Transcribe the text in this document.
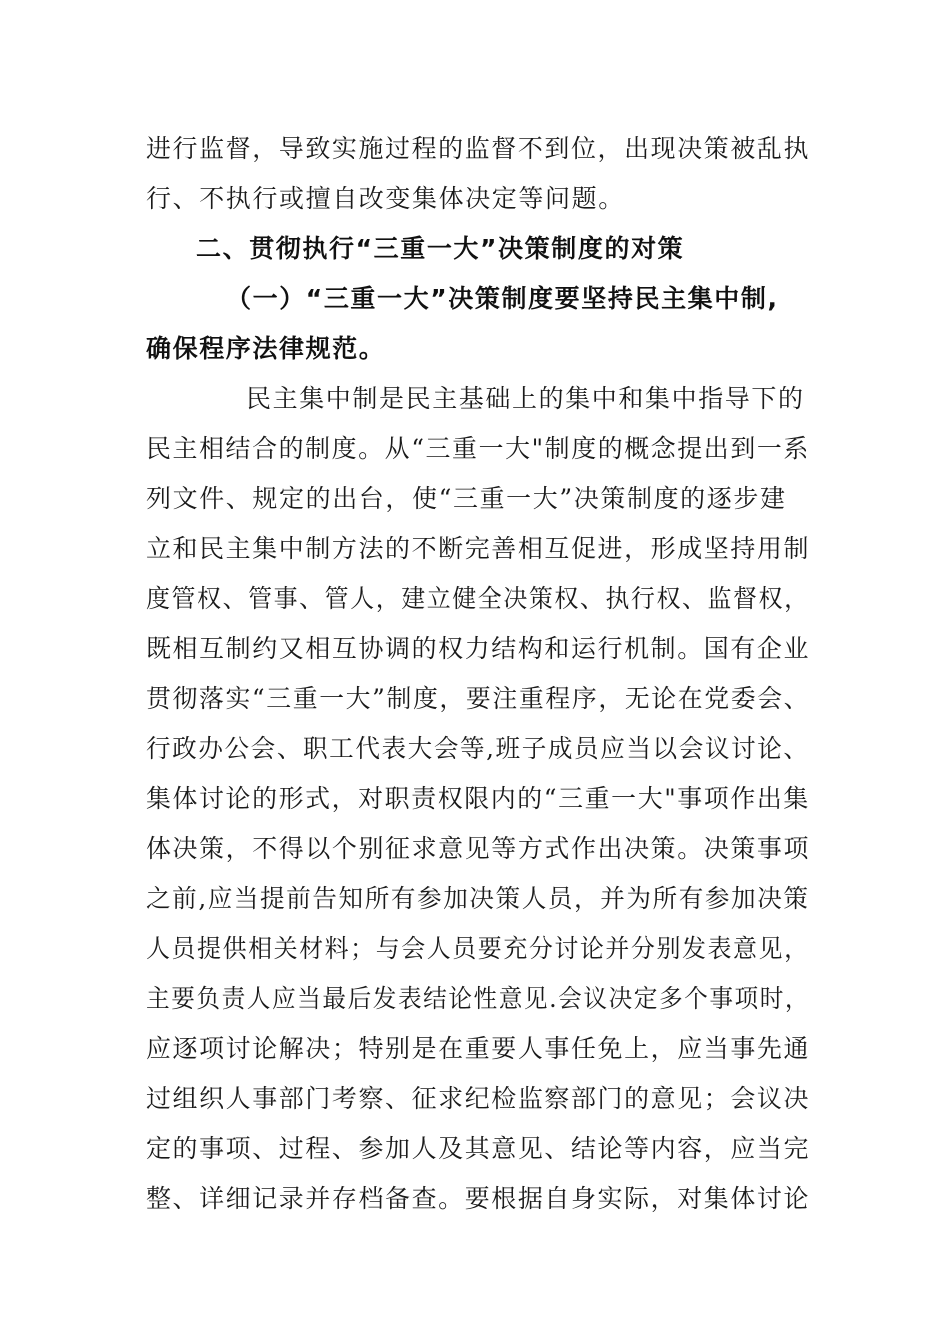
进行监督，导致实施过程的监督不到位，出现决策被乱执
行、不执行或擅自改变集体决定等问题。
二、贯彻执行“三重一大”决策制度的对策
（一）“三重一大”决策制度要坚持民主集中制,
确保程序法律规范。
民主集中制是民主基础上的集中和集中指导下的
民主相结合的制度。从“三重一大"制度的概念提出到一系
列文件、规定的出台，使“三重一大”决策制度的逐步建
立和民主集中制方法的不断完善相互促进，形成坚持用制
度管权、管事、管人，建立健全决策权、执行权、监督权，
既相互制约又相互协调的权力结构和运行机制。国有企业
贯彻落实“三重一大”制度，要注重程序，无论在党委会、
行政办公会、职工代表大会等,班子成员应当以会议讨论、
集体讨论的形式，对职责权限内的“三重一大"事项作出集
体决策，不得以个别征求意见等方式作出决策。决策事项
之前,应当提前告知所有参加决策人员，并为所有参加决策
人员提供相关材料；与会人员要充分讨论并分别发表意见，
主要负责人应当最后发表结论性意见.会议决定多个事项时，
应逐项讨论解决；特别是在重要人事任免上，应当事先通
过组织人事部门考察、征求纪检监察部门的意见；会议决
定的事项、过程、参加人及其意见、结论等内容，应当完
整、详细记录并存档备查。要根据自身实际，对集体讨论
